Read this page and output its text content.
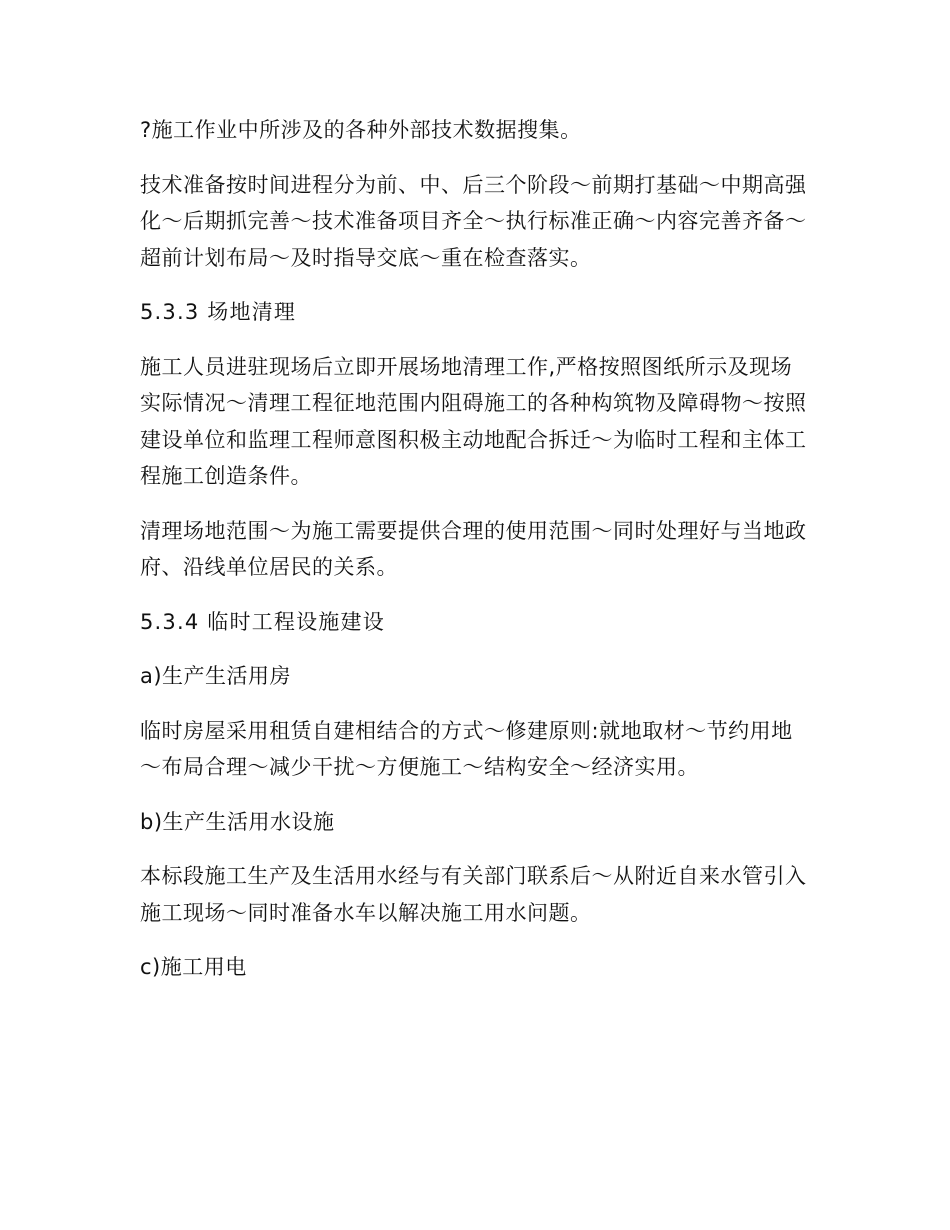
?施工作业中所涉及的各种外部技术数据搜集。

技术准备按时间进程分为前、中、后三个阶段～前期打基础～中期高强化～后期抓完善～技术准备项目齐全～执行标准正确～内容完善齐备～超前计划布局～及时指导交底～重在检查落实。

5.3.3 场地清理

施工人员进驻现场后立即开展场地清理工作,严格按照图纸所示及现场实际情况～清理工程征地范围内阻碍施工的各种构筑物及障碍物～按照建设单位和监理工程师意图积极主动地配合拆迁～为临时工程和主体工程施工创造条件。

清理场地范围～为施工需要提供合理的使用范围～同时处理好与当地政府、沿线单位居民的关系。

5.3.4 临时工程设施建设

a)生产生活用房

临时房屋采用租赁自建相结合的方式～修建原则:就地取材～节约用地～布局合理～减少干扰～方便施工～结构安全～经济实用。

b)生产生活用水设施

本标段施工生产及生活用水经与有关部门联系后～从附近自来水管引入施工现场～同时准备水车以解决施工用水问题。

c)施工用电
